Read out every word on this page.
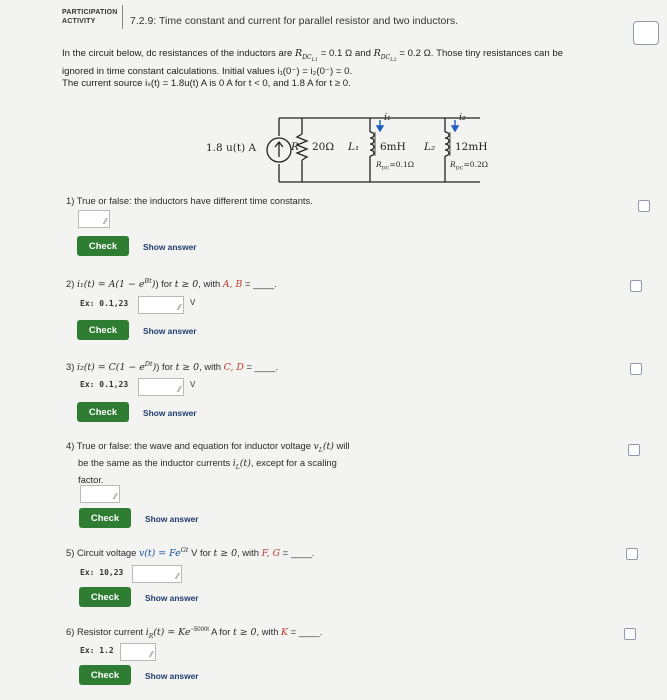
PARTICIPATION
ACTIVITY	7.2.9: Time constant and current for parallel resistor and two inductors.

In the circuit below, dc resistances of the inductors are $R_{DC_{L1}} = 0.1$ Ω and $R_{DC_{L2}} = 0.2$ Ω. Those tiny resistances can be

ignored in time constant calculations. Initial values i₁(0⁻) = i₂(0⁻) = 0.

The current source iₛ(t) = 1.8u(t) A is 0 A for t < 0, and 1.8 A for t ≥ 0.

1.8 u(t) A	R 20Ω L₁ 6mH
$R_{DC}=0.1\Omega$
L₂ 12mH
$R_{DC}=0.2\Omega$
i₁	i₂
1) True or false: the inductors have different time constants.
⁄⁄
Check	Show answer
2) $i_1(t) = A(1 - e^{Bt})$) for t ≥ 0, with A, B = ____.
Ex: 0.1,23	⁄⁄
V
Check	Show answer
3) $i_2(t) = C(1 - e^{Dt})$) for t ≥ 0, with C, D = ____.
Ex: 0.1,23
⁄⁄
V
Check	Show answer
4) True or false: the wave and equation for inductor voltage $v_L(t)$ will
be the same as the inductor currents $i_L(t)$, except for a scaling
factor.
⁄⁄
Check	Show answer
5) Circuit voltage $v(t) = Fe^{Gt}$ V for t ≥ 0, with F, G = ____.
Ex: 10,23	⁄⁄
Check	Show answer
6) Resistor current $i_R(t) = Ke^{-5000t}$ A for t ≥ 0, with K = ____.
Ex: 1.2	⁄⁄
Check	Show answer
